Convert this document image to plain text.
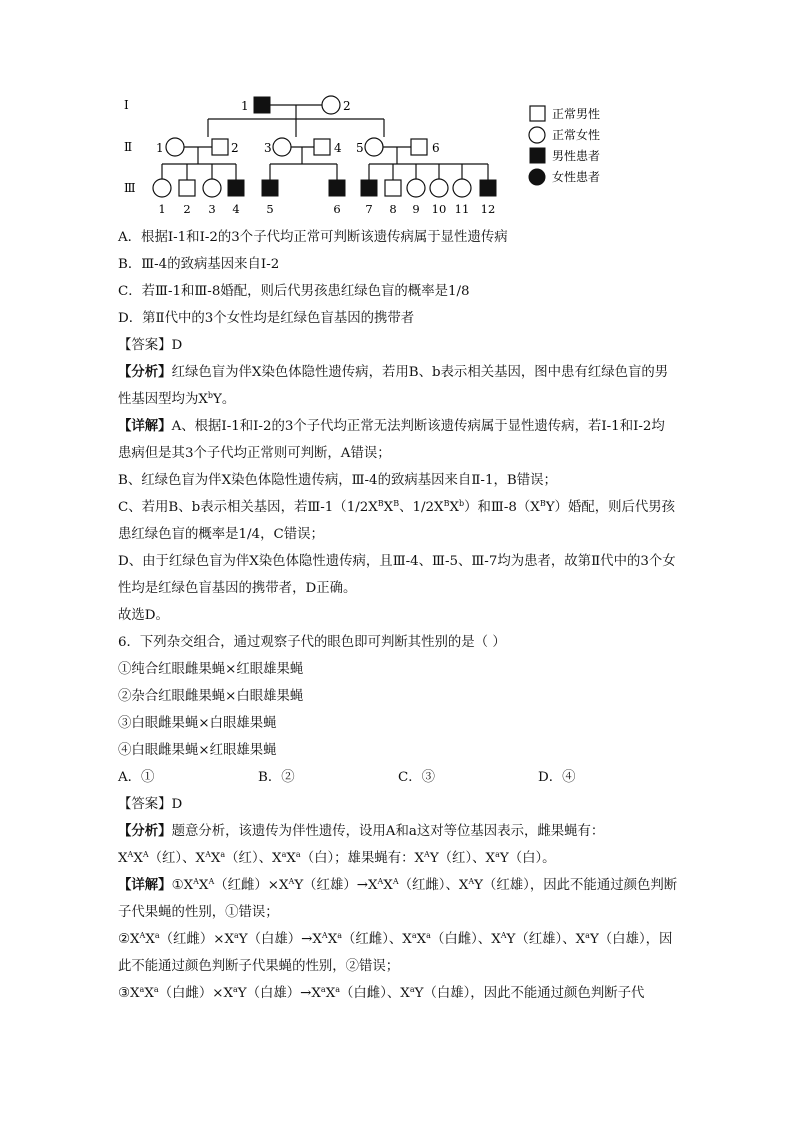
Ⅰ
Ⅱ
Ⅲ
1	2
1	2 3	4 5	6
1 2 3 4 5	6 7 8 9 10 11 12
正常男性
正常女性
男性患者
女性患者
A．根据Ⅰ-1和Ⅰ-2的3个子代均正常可判断该遗传病属于显性遗传病
B．Ⅲ-4的致病基因来自Ⅰ-2
C．若Ⅲ-1和Ⅲ-8婚配，则后代男孩患红绿色盲的概率是1/8
D．第Ⅱ代中的3个女性均是红绿色盲基因的携带者
【答案】D
【分析】红绿色盲为伴X染色体隐性遗传病，若用B、b表示相关基因，图中患有红绿色盲的男性基因型均为$X^bY$。
【详解】A、根据Ⅰ-1和Ⅰ-2的3个子代均正常无法判断该遗传病属于显性遗传病，若Ⅰ-1和Ⅰ-2均患病但是其3个子代均正常则可判断，A错误；
B、红绿色盲为伴X染色体隐性遗传病，Ⅲ-4的致病基因来自Ⅱ-1，B错误；
C、若用B、b表示相关基因，若$Ⅲ-1(1/2X^BX^B$、$1/2X^BX^b$）和$Ⅲ-8(X^BY)$婚配，则后代男孩患红绿色盲的概率是1/4，C错误；
D、由于红绿色盲为伴X染色体隐性遗传病，且Ⅲ-4、Ⅲ-5、Ⅲ-7均为患者，故第Ⅱ代中的3个女性均是红绿色盲基因的携带者，D正确。
故选D。
6．下列杂交组合，通过观察子代的眼色即可判断其性别的是（ ）
①纯合红眼雌果蝇×红眼雄果蝇
②杂合红眼雌果蝇×白眼雄果蝇
③白眼雌果蝇×白眼雄果蝇
④白眼雌果蝇×红眼雄果蝇
A．①	B．②	C．③	D．④
【答案】D
【分析】题意分析，该遗传为伴性遗传，设用A和a这对等位基因表示，雌果蝇有：
$X^AX^A$（红）、$X^AX^a$（红）、$X^aX^a$（白）；雄果蝇有：$X^AY$（红）、$X^aY$（白）。
【详解】$①X^AX^A$（红雌）$\times X^AY$（红雄）$\to X^AX^A$（红雌）、$X^AY$（红雄），因此不能通过颜色判断子代果蝇的性别，①错误；
$②X^AX^a$（红雌）$\times X^aY$（白雄）$\to X^AX^a$（红雌）、$X^aX^a$（白雌）、$X^AY$（红雄）、$X^aY$（白雄），因此不能通过颜色判断子代果蝇的性别，②错误；
$③X^aX^a$（白雌）$\times X^aY$（白雄）$\to X^aX^a$（白雌）、$X^aY$（白雄），因此不能通过颜色判断子代
